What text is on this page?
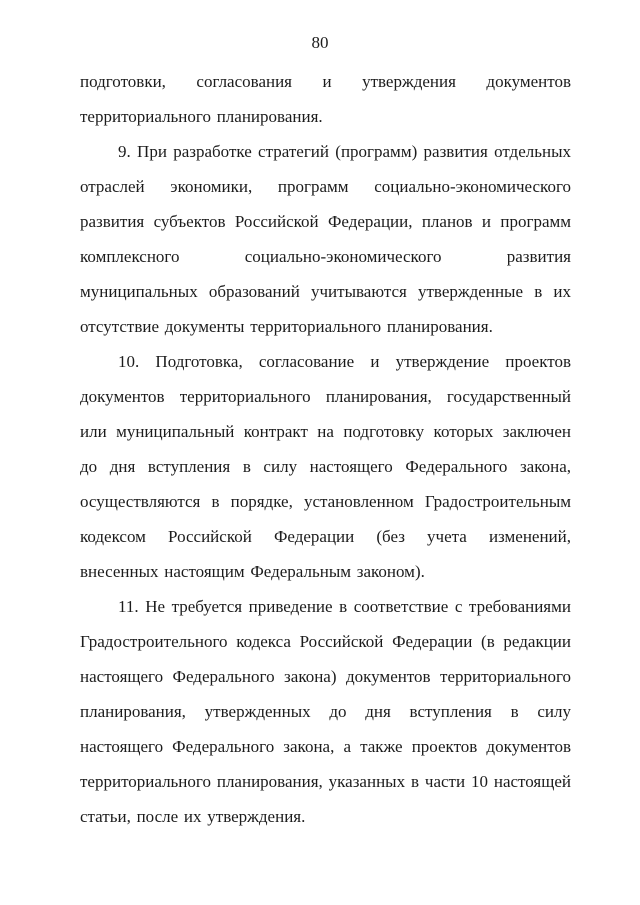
80

подготовки, согласования и утверждения документов территориального планирования.

9. При разработке стратегий (программ) развития отдельных отраслей экономики, программ социально-экономического развития субъектов Российской Федерации, планов и программ комплексного социально-экономического развития муниципальных образований учитываются утвержденные в их отсутствие документы территориального планирования.

10. Подготовка, согласование и утверждение проектов документов территориального планирования, государственный или муниципальный контракт на подготовку которых заключен до дня вступления в силу настоящего Федерального закона, осуществляются в порядке, установленном Градостроительным кодексом Российской Федерации (без учета изменений, внесенных настоящим Федеральным законом).

11. Не требуется приведение в соответствие с требованиями Градостроительного кодекса Российской Федерации (в редакции настоящего Федерального закона) документов территориального планирования, утвержденных до дня вступления в силу настоящего Федерального закона, а также проектов документов территориального планирования, указанных в части 10 настоящей статьи, после их утверждения.
